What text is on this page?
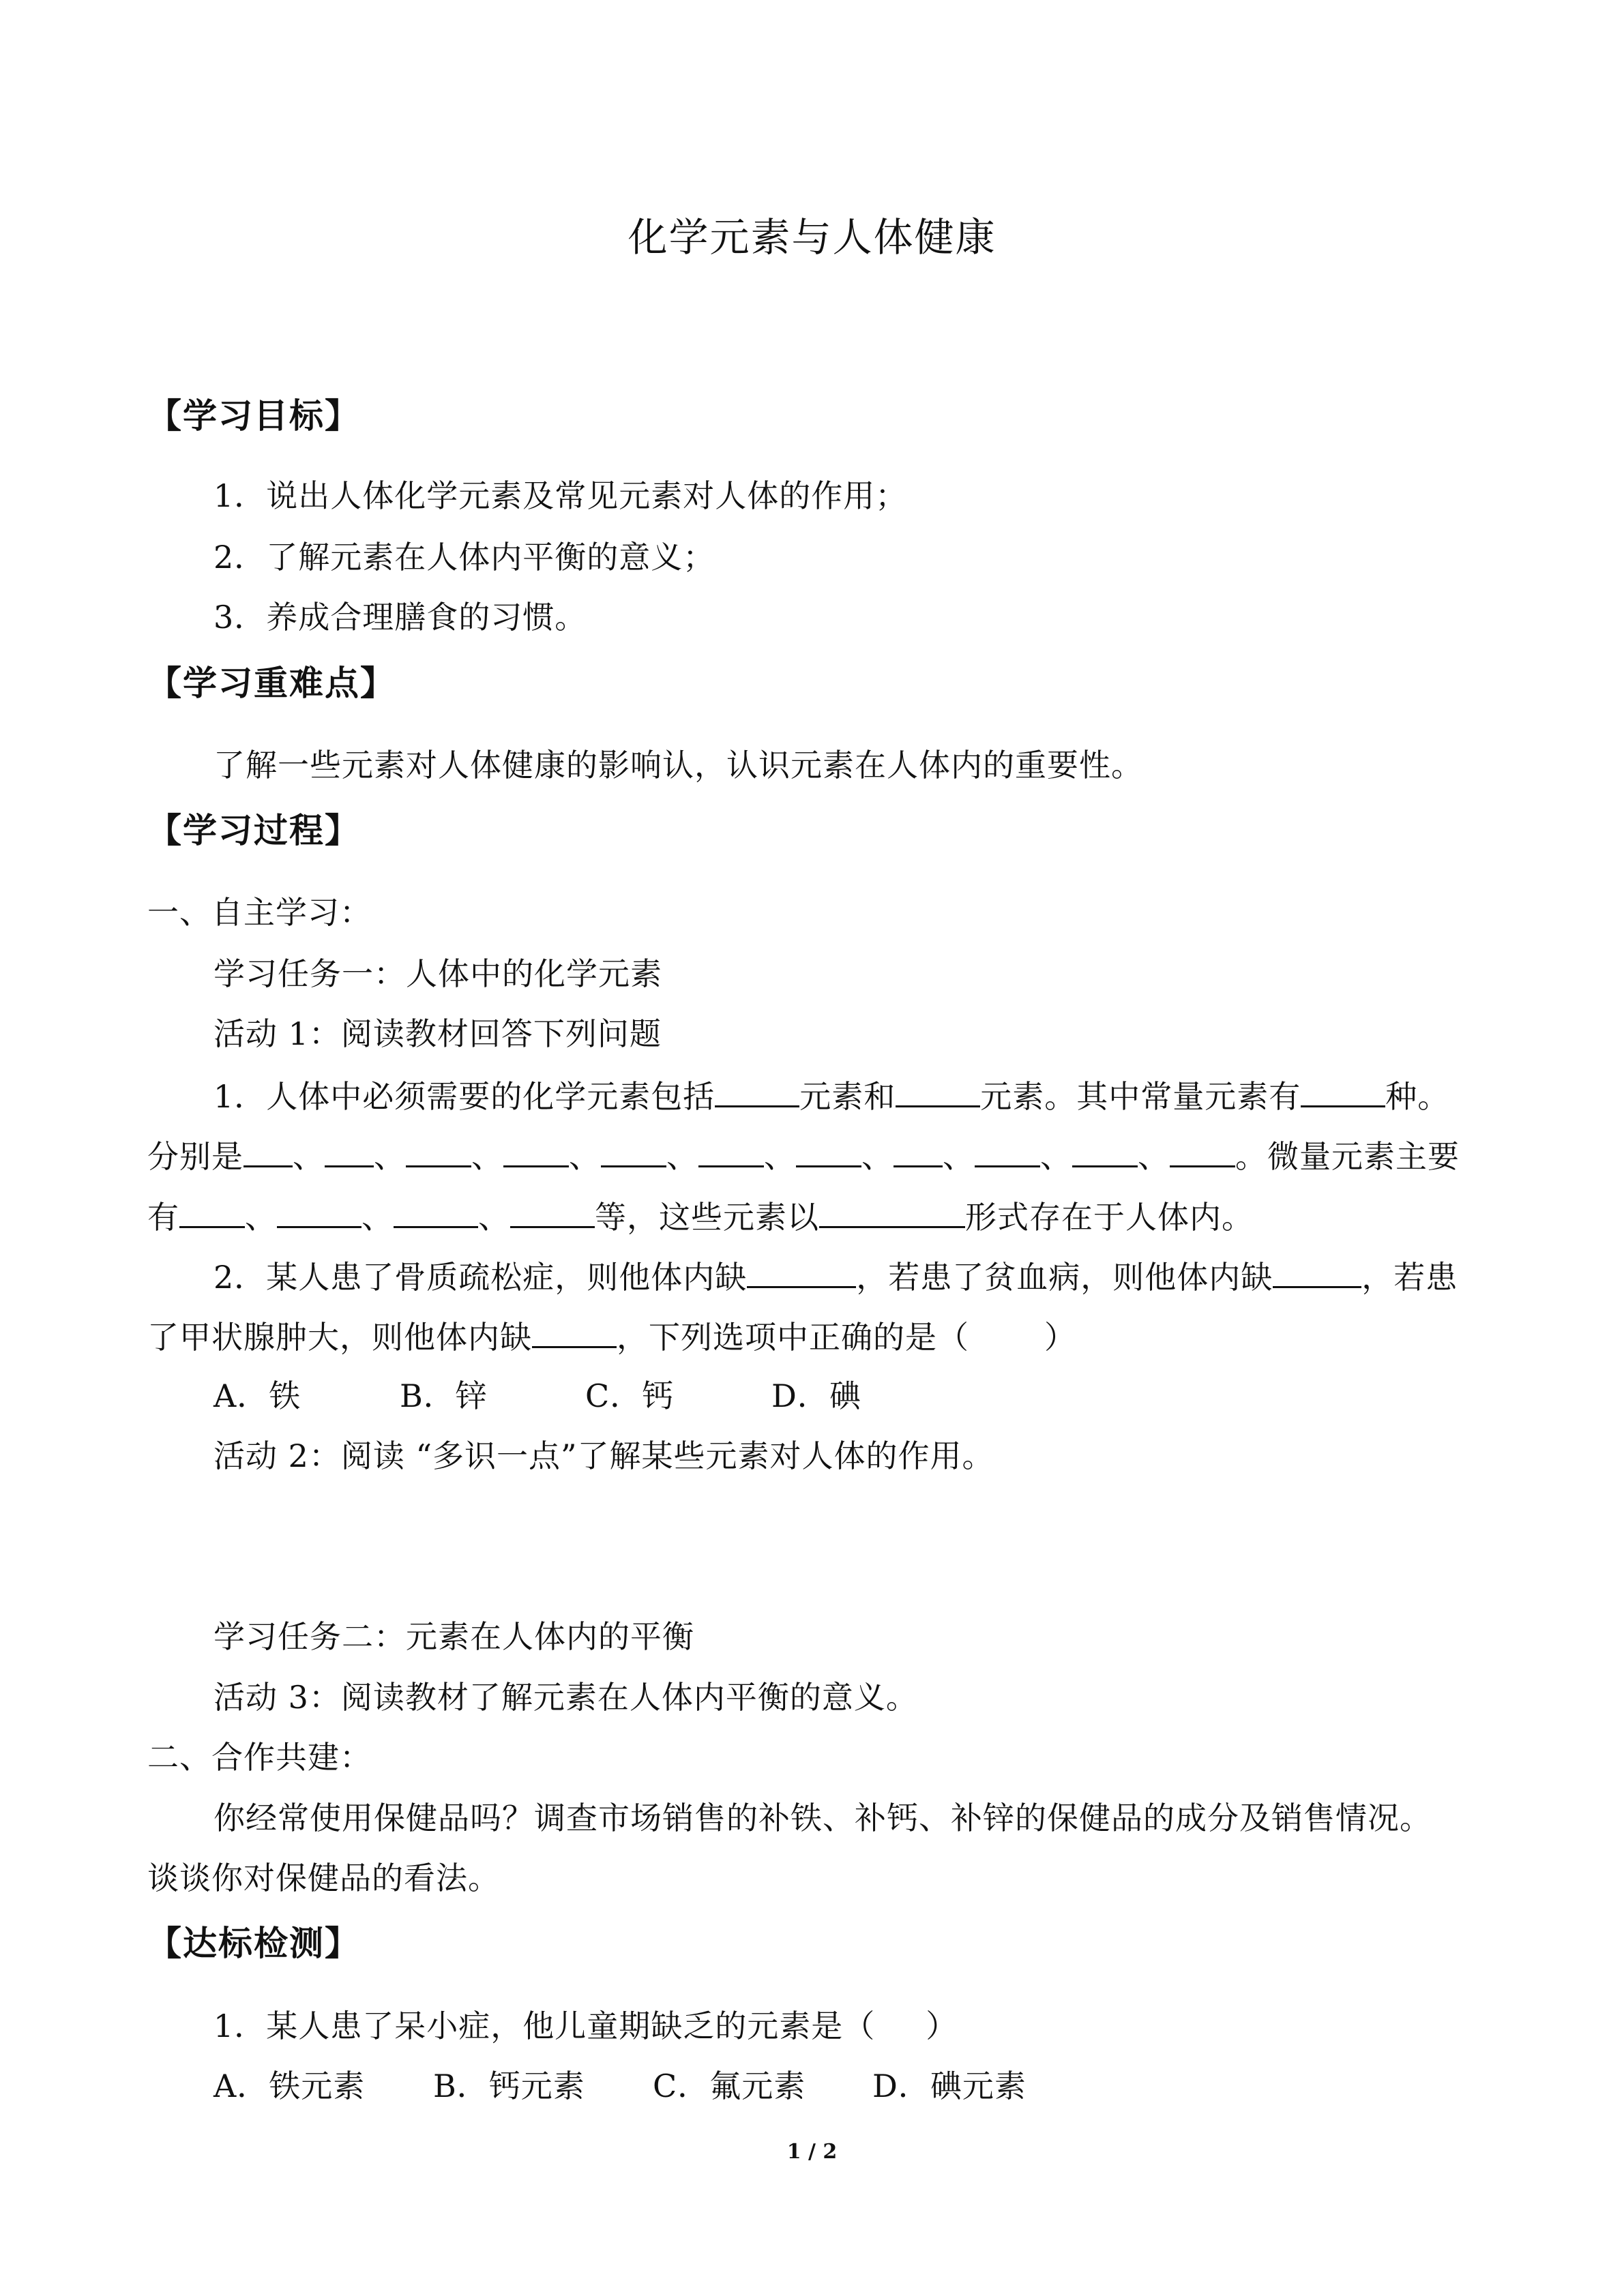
化学元素与人体健康
【学习目标】
1．说出人体化学元素及常见元素对人体的作用；
2．了解元素在人体内平衡的意义；
3．养成合理膳食的习惯。
【学习重难点】
了解一些元素对人体健康的影响认，认识元素在人体内的重要性。
【学习过程】
一、自主学习：
学习任务一：人体中的化学元素
活动 1：阅读教材回答下列问题
1．人体中必须需要的化学元素包括	元素和	元素。其中常量元素有	种。
分别是 、 、 、 、 、 、 、 、 、 、 。微量元素主要
有 、	、	、	等，这些元素以	形式存在于人体内。
2．某人患了骨质疏松症，则他体内缺	，若患了贫血病，则他体内缺	，若患
了甲状腺肿大，则他体内缺	，下列选项中正确的是（ ）
A．铁	B．锌	C．钙	D．碘
活动 2：阅读 “多识一点”了解某些元素对人体的作用。
学习任务二：元素在人体内的平衡
活动 3：阅读教材了解元素在人体内平衡的意义。
二、合作共建：
你经常使用保健品吗？调查市场销售的补铁、补钙、补锌的保健品的成分及销售情况。
谈谈你对保健品的看法。
【达标检测】
1．某人患了呆小症，他儿童期缺乏的元素是（ ）
A．铁元素 B．钙元素 C．氟元素 D．碘元素
1 / 2
